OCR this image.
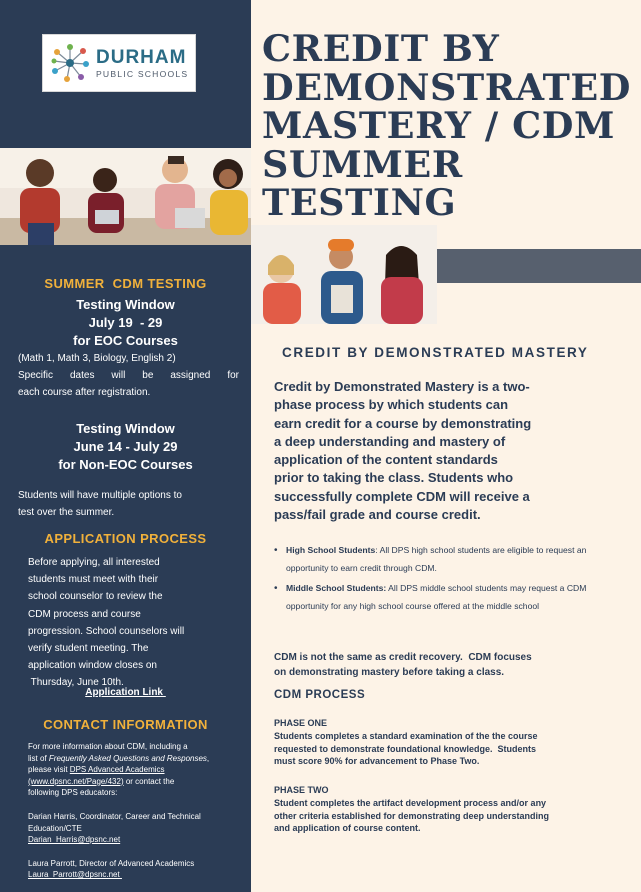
DURHAM
PUBLIC SCHOOLS
SUMMER  CDM TESTING
Testing Window
July 19  - 29
for EOC Courses
(Math 1, Math 3, Biology, English 2)
Specific dates will be assigned for
each course after registration.
Testing Window
June 14 - July 29
for Non-EOC Courses
Students will have multiple options to
test over the summer.
APPLICATION PROCESS
Before applying, all interested
students must meet with their
school counselor to review the
CDM process and course
progression. School counselors will
verify student meeting. The
application window closes on
Thursday, June 10th.
Application Link
CONTACT INFORMATION
For more information about CDM, including a
list of Frequently Asked Questions and Responses,
please visit DPS Advanced Academics
(www.dpsnc.net/Page/432) or contact the
following DPS educators:
Darian Harris, Coordinator, Career and Technical
Education/CTE
Darian_Harris@dpsnc.net
Laura Parrott, Director of Advanced Academics
Laura_Parrott@dpsnc.net
CREDIT BY
DEMONSTRATED
MASTERY / CDM
SUMMER TESTING
CREDIT BY DEMONSTRATED MASTERY
Credit by Demonstrated Mastery is a two-
phase process by which students can
earn credit for a course by demonstrating
a deep understanding and mastery of
application of the content standards
prior to taking the class. Students who
successfully complete CDM will receive a
pass/fail grade and course credit.
• High School Students: All DPS high school students are eligible to request an opportunity to earn credit through CDM.
• Middle School Students: All DPS middle school students may request a CDM opportunity for any high school course offered at the middle school
CDM is not the same as credit recovery.  CDM focuses
on demonstrating mastery before taking a class.
CDM PROCESS
PHASE ONE
Students completes a standard examination of the the course
requested to demonstrate foundational knowledge.  Students
must score 90% for advancement to Phase Two.
PHASE TWO
Student completes the artifact development process and/or any
other criteria established for demonstrating deep understanding
and application of course content.
